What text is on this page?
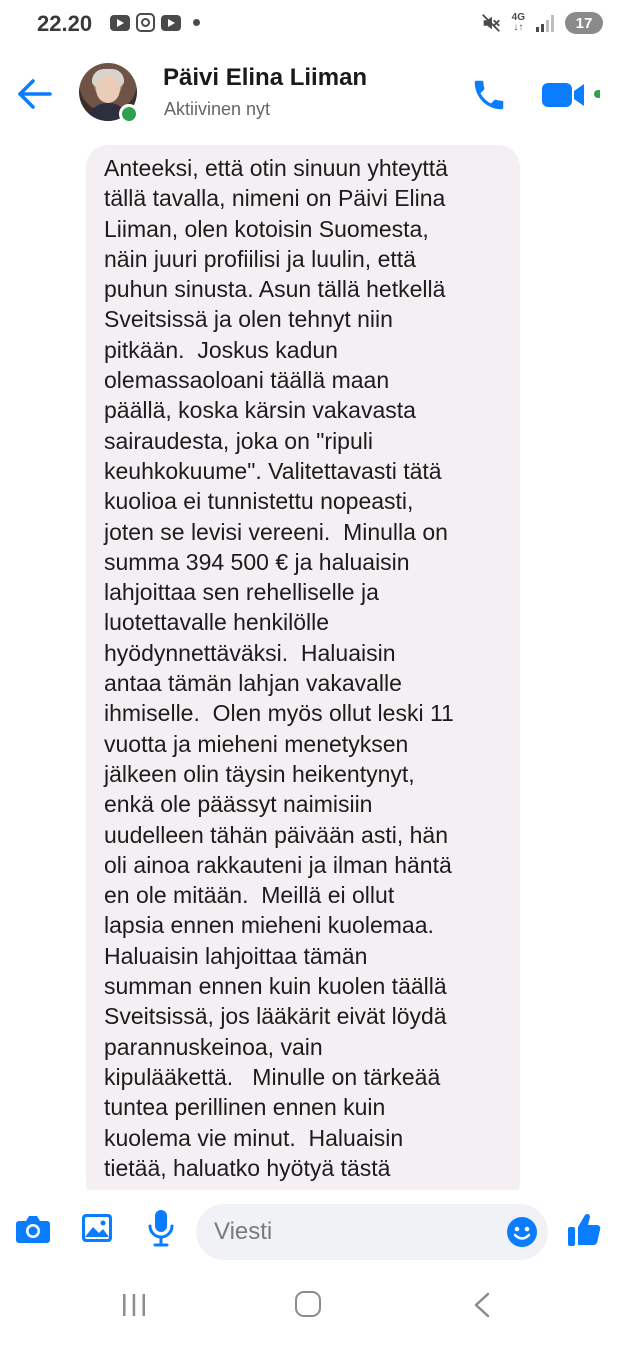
22.20	4G
↓↑	17
Päivi Elina Liiman
Aktiivinen nyt

Anteeksi, että otin sinuun yhteyttä
tällä tavalla, nimeni on Päivi Elina
Liiman, olen kotoisin Suomesta,
näin juuri profiilisi ja luulin, että
puhun sinusta. Asun tällä hetkellä
Sveitsissä ja olen tehnyt niin
pitkään.  Joskus kadun
olemassaoloani täällä maan
päällä, koska kärsin vakavasta
sairaudesta, joka on "ripuli
keuhkokuume". Valitettavasti tätä
kuolioa ei tunnistettu nopeasti,
joten se levisi vereeni.  Minulla on
summa 394 500 € ja haluaisin
lahjoittaa sen rehelliselle ja
luotettavalle henkilölle
hyödynnettäväksi.  Haluaisin
antaa tämän lahjan vakavalle
ihmiselle.  Olen myös ollut leski 11
vuotta ja mieheni menetyksen
jälkeen olin täysin heikentynyt,
enkä ole päässyt naimisiin
uudelleen tähän päivään asti, hän
oli ainoa rakkauteni ja ilman häntä
en ole mitään.  Meillä ei ollut
lapsia ennen mieheni kuolemaa.
Haluaisin lahjoittaa tämän
summan ennen kuin kuolen täällä
Sveitsissä, jos lääkärit eivät löydä
parannuskeinoa, vain
kipulääkettä.   Minulle on tärkeää
tuntea perillinen ennen kuin
kuolema vie minut.  Haluaisin
tietää, haluatko hyötyä tästä

Viesti
